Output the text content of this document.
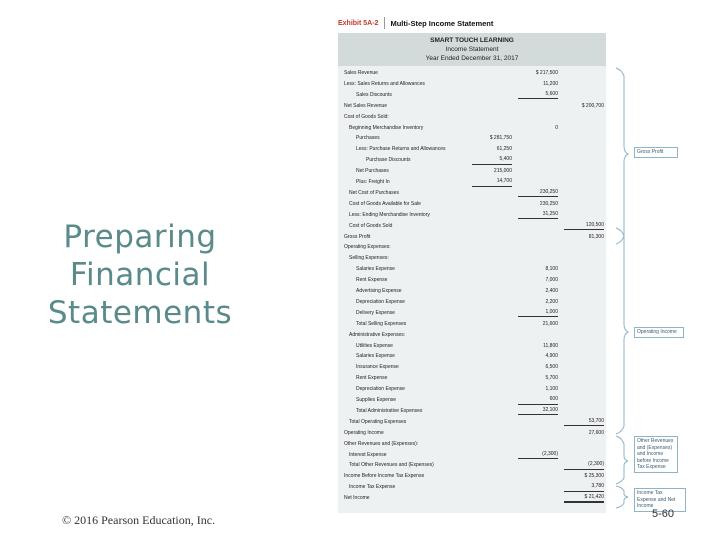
Preparing
Financial
Statements
Exhibit 5A-2	Multi-Step Income Statement
SMART TOUCH LEARNING
Income Statement
Year Ended December 31, 2017
Sales Revenue	$ 217,500
Less: Sales Returns and Allowances	11,200
Sales Discounts	5,600
Net Sales Revenue	$ 200,700
Cost of Goods Sold:
Beginning Merchandise Inventory	0
Purchases	$ 281,750
Less: Purchase Returns and Allowances	61,250
Purchase Discounts	5,400
Net Purchases	215,000
Plus: Freight In	14,700
Net Cost of Purchases	230,250
Cost of Goods Available for Sale	230,250
Less: Ending Merchandise Inventory	31,250
Cost of Goods Sold	120,500
Gross Profit	81,300
Operating Expenses:
Selling Expenses:
Salaries Expense	8,100
Rent Expense	7,000
Advertising Expense	2,400
Depreciation Expense	2,200
Delivery Expense	1,000
Total Selling Expenses	21,600
Administrative Expenses:
Utilities Expense	11,800
Salaries Expense	4,900
Insurance Expense	6,500
Rent Expense	5,700
Depreciation Expense	1,100
Supplies Expense	600
Total Administrative Expenses	32,100
Total Operating Expenses	53,700
Operating Income	27,600
Other Revenues and (Expenses):
Interest Expense	(2,300)
Total Other Revenues and (Expenses)	(2,300)
Income Before Income Tax Expense	$ 25,300
Income Tax Expense	3,780
Net Income	$ 21,420
Gross Profit
Operating Income
Other Revenues and (Expenses) and Income before Income Tax Expense
Income Tax Expense and Net Income
© 2016 Pearson Education, Inc.	5-60
